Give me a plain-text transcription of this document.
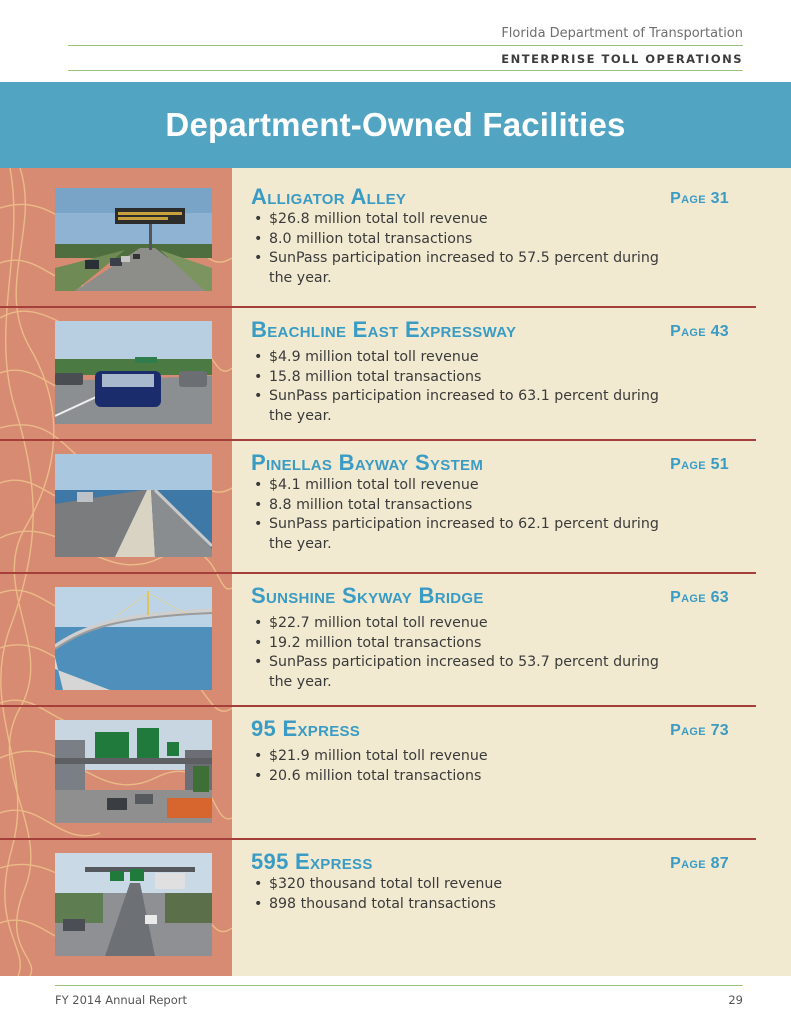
Florida Department of Transportation
ENTERPRISE TOLL OPERATIONS
Department-Owned Facilities
Alligator Alley	Page 31
• $26.8 million total toll revenue
• 8.0 million total transactions
• SunPass participation increased to 57.5 percent during the year.
Beachline East Expressway	Page 43
• $4.9 million total toll revenue
• 15.8 million total transactions
• SunPass participation increased to 63.1 percent during the year.
Pinellas Bayway System	Page 51
• $4.1 million total toll revenue
• 8.8 million total transactions
• SunPass participation increased to 62.1 percent during the year.
Sunshine Skyway Bridge	Page 63
• $22.7 million total toll revenue
• 19.2 million total transactions
• SunPass participation increased to 53.7 percent during the year.
95 Express	Page 73
• $21.9 million total toll revenue
• 20.6 million total transactions
595 Express	Page 87
• $320 thousand total toll revenue
• 898 thousand total transactions
FY 2014 Annual Report	29
